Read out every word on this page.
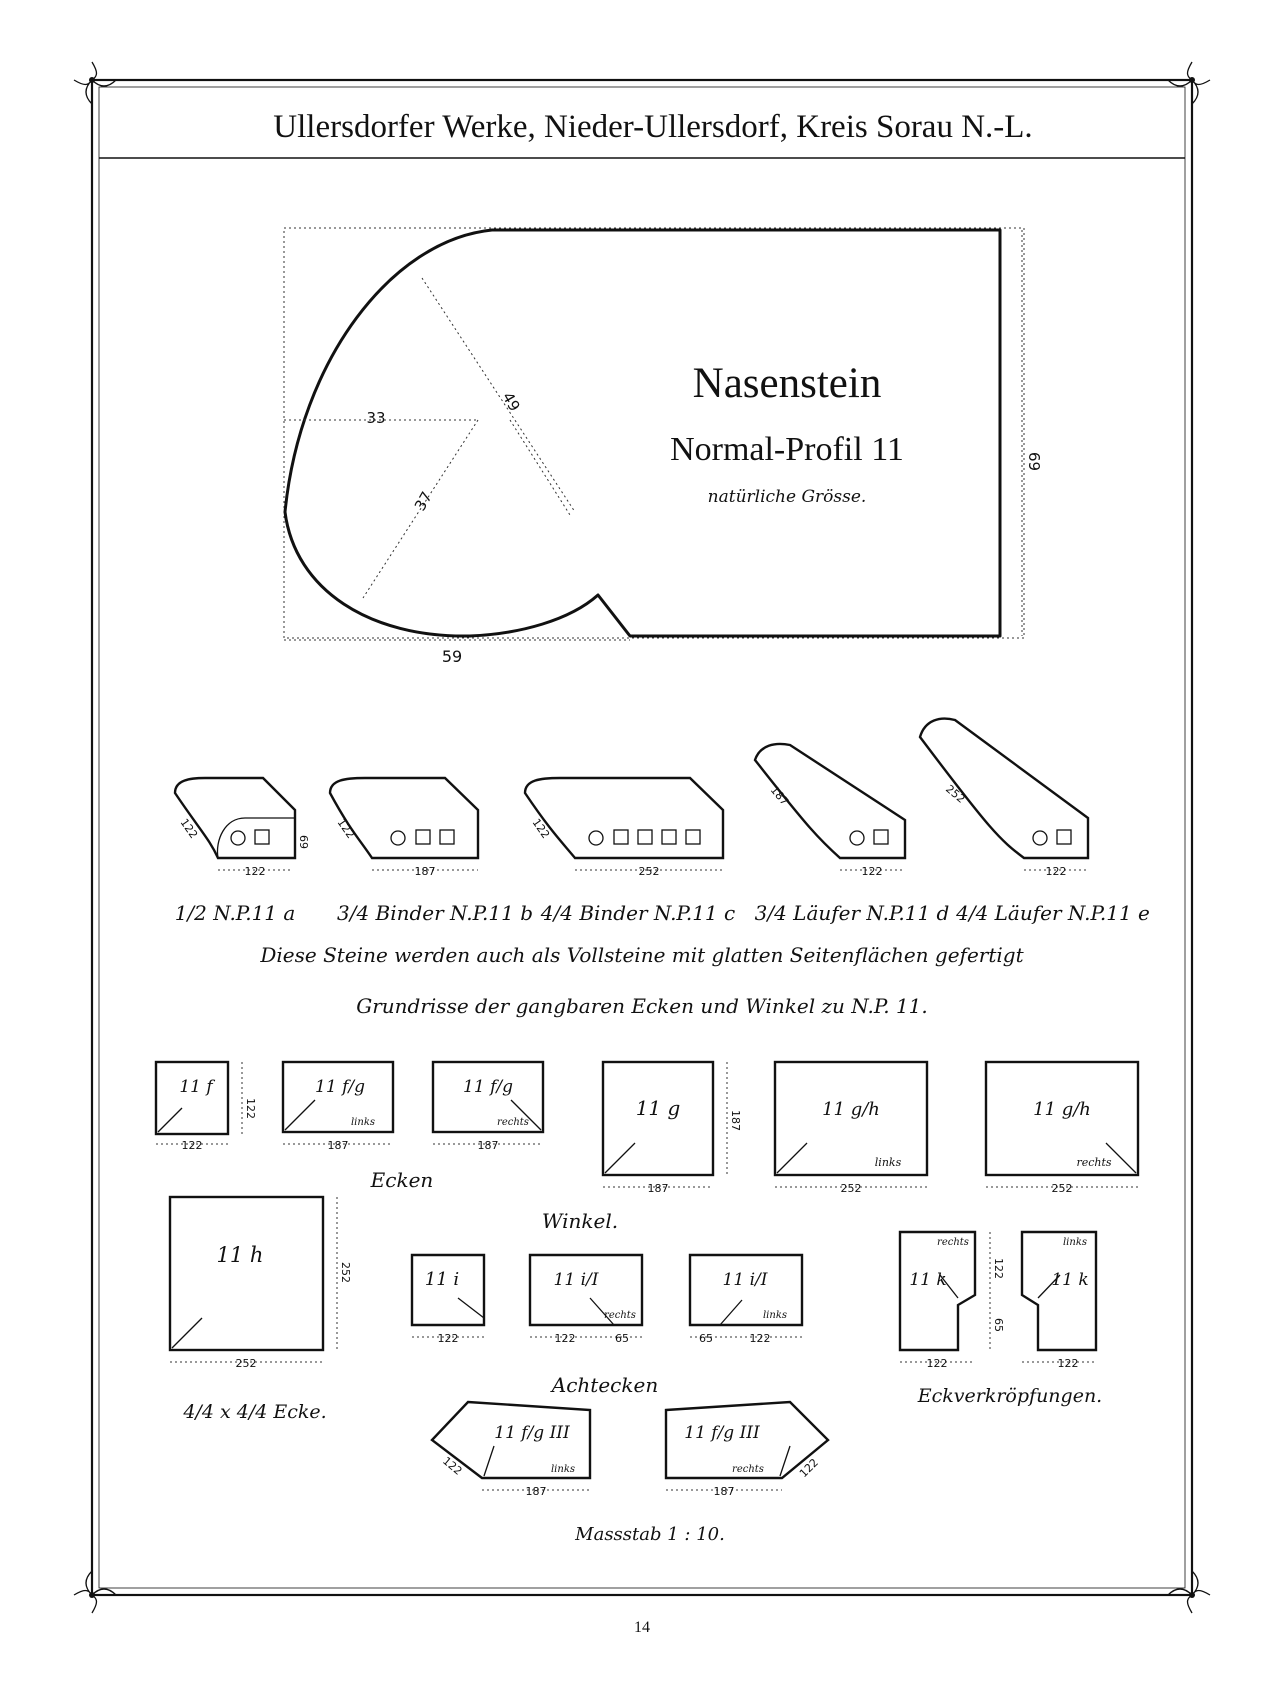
Ullersdorfer Werke, Nieder-Ullersdorf, Kreis Sorau N.-L.
49
33
37
59
69
Nasenstein
Normal-Profil 11
natürliche Grösse.
122
122
69
122
187
122
252
187
122
252
122
1/2 N.P.11 a 3/4 Binder N.P.11 b 4/4 Binder N.P.11 c 3/4 Läufer N.P.11 d 4/4 Läufer N.P.11 e
Diese Steine werden auch als Vollsteine mit glatten Seitenflächen gefertigt
Grundrisse der gangbaren Ecken und Winkel zu N.P. 11.
11 f
122
122
11 f/g
links
187
11 f/g
rechts
187
11 g
187
187
11 g/h
links
252
11 g/h
rechts
252
Ecken
Winkel.
11 h
252
252
4/4 x 4/4 Ecke.
11 i
122
11 i/I
rechts
122	65
11 i/I
links
65	122
11 k
rechts
122
65
122
11 k
links
122
Achtecken	Eckverkröpfungen.
11 f/g III
links
122
187
11 f/g III
rechts
187
122
Massstab 1 : 10.
14
